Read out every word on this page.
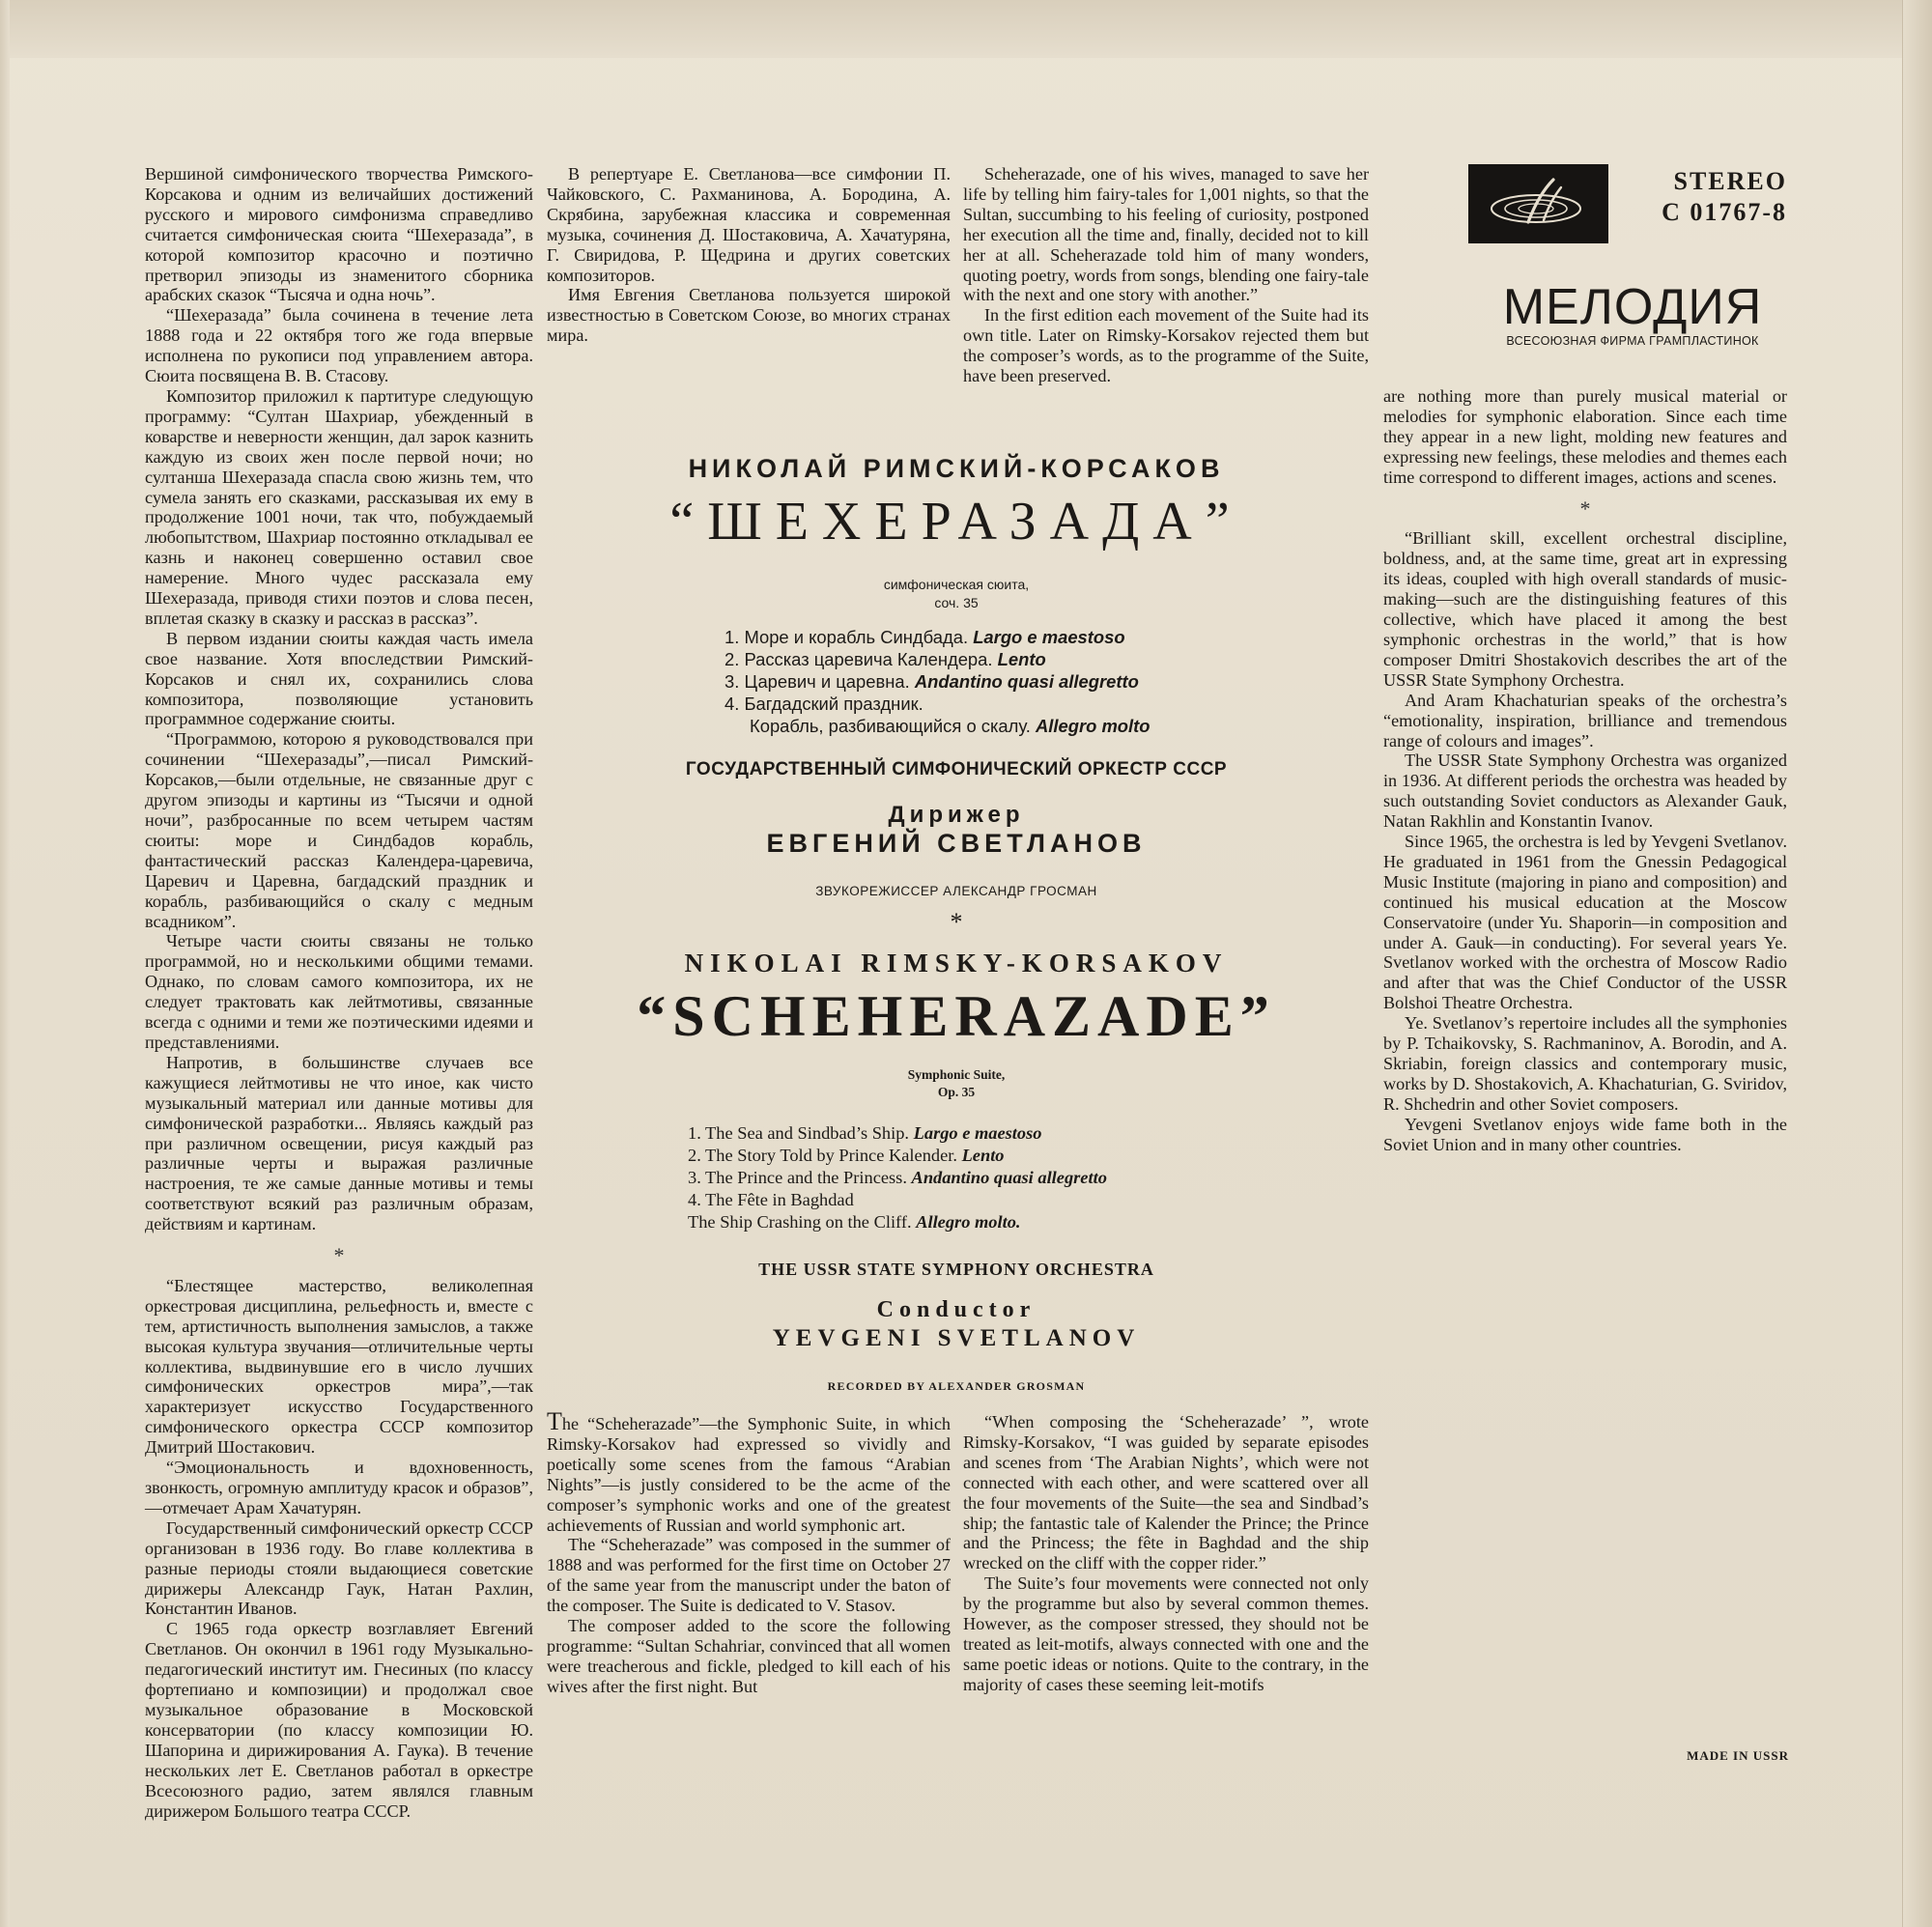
Вершиной симфонического творчества Римского-Корсакова и одним из величайших достижений русского и мирового симфонизма справедливо считается симфоническая сюита “Шехеразада”, в которой композитор красочно и поэтично претворил эпизоды из знаменитого сборника арабских сказок “Тысяча и одна ночь”.

“Шехеразада” была сочинена в течение лета 1888 года и 22 октября того же года впервые исполнена по рукописи под управлением автора. Сюита посвящена В. В. Стасову.

Композитор приложил к партитуре следующую программу: “Султан Шахриар, убежденный в коварстве и неверности женщин, дал зарок казнить каждую из своих жен после первой ночи; но султанша Шехеразада спасла свою жизнь тем, что сумела занять его сказками, рассказывая их ему в продолжение 1001 ночи, так что, побуждаемый любопытством, Шахриар постоянно откладывал ее казнь и наконец совершенно оставил свое намерение. Много чудес рассказала ему Шехеразада, приводя стихи поэтов и слова песен, вплетая сказку в сказку и рассказ в рассказ”.

В первом издании сюиты каждая часть имела свое название. Хотя впоследствии Римский-Корсаков и снял их, сохранились слова композитора, позволяющие установить программное содержание сюиты.

“Программою, которою я руководствовался при сочинении “Шехеразады”,—писал Римский-Корсаков,—были отдельные, не связанные друг с другом эпизоды и картины из “Тысячи и одной ночи”, разбросанные по всем четырем частям сюиты: море и Синдбадов корабль, фантастический рассказ Календера-царевича, Царевич и Царевна, багдадский праздник и корабль, разбивающийся о скалу с медным всадником”.

Четыре части сюиты связаны не только программой, но и несколькими общими темами. Однако, по словам самого композитора, их не следует трактовать как лейтмотивы, связанные всегда с одними и теми же поэтическими идеями и представлениями.

Напротив, в большинстве случаев все кажущиеся лейтмотивы не что иное, как чисто музыкальный материал или данные мотивы для симфонической разработки... Являясь каждый раз при различном освещении, рисуя каждый раз различные черты и выражая различные настроения, те же самые данные мотивы и темы соответствуют всякий раз различным образам, действиям и картинам.

*

“Блестящее мастерство, великолепная оркестровая дисциплина, рельефность и, вместе с тем, артистичность выполнения замыслов, а также высокая культура звучания—отличительные черты коллектива, выдвинувшие его в число лучших симфонических оркестров мира”,—так характеризует искусство Государственного симфонического оркестра СССР композитор Дмитрий Шостакович.

“Эмоциональность и вдохновенность, звонкость, огромную амплитуду красок и образов”,—отмечает Арам Хачатурян.

Государственный симфонический оркестр СССР организован в 1936 году. Во главе коллектива в разные периоды стояли выдающиеся советские дирижеры Александр Гаук, Натан Рахлин, Константин Иванов.

С 1965 года оркестр возглавляет Евгений Светланов. Он окончил в 1961 году Музыкально-педагогический институт им. Гнесиных (по классу фортепиано и композиции) и продолжал свое музыкальное образование в Московской консерватории (по классу композиции Ю. Шапорина и дирижирования А. Гаука). В течение нескольких лет Е. Светланов работал в оркестре Всесоюзного радио, затем являлся главным дирижером Большого театра СССР.

В репертуаре Е. Светланова—все симфонии П. Чайковского, С. Рахманинова, А. Бородина, А. Скрябина, зарубежная классика и современная музыка, сочинения Д. Шостаковича, А. Хачатуряна, Г. Свиридова, Р. Щедрина и других советских композиторов.

Имя Евгения Светланова пользуется широкой известностью в Советском Союзе, во многих странах мира.

Scheherazade, one of his wives, managed to save her life by telling him fairy-tales for 1,001 nights, so that the Sultan, succumbing to his feeling of curiosity, postponed her execution all the time and, finally, decided not to kill her at all. Scheherazade told him of many wonders, quoting poetry, words from songs, blending one fairy-tale with the next and one story with another.”

In the first edition each movement of the Suite had its own title. Later on Rimsky-Korsakov rejected them but the composer’s words, as to the programme of the Suite, have been preserved.

are nothing more than purely musical material or melodies for symphonic elaboration. Since each time they appear in a new light, molding new features and expressing new feelings, these melodies and themes each time correspond to different images, actions and scenes.

*

“Brilliant skill, excellent orchestral discipline, boldness, and, at the same time, great art in expressing its ideas, coupled with high overall standards of music-making—such are the distinguishing features of this collective, which have placed it among the best symphonic orchestras in the world,” that is how composer Dmitri Shostakovich describes the art of the USSR State Symphony Orchestra.

And Aram Khachaturian speaks of the orchestra’s “emotionality, inspiration, brilliance and tremendous range of colours and images”.

The USSR State Symphony Orchestra was organized in 1936. At different periods the orchestra was headed by such outstanding Soviet conductors as Alexander Gauk, Natan Rakhlin and Konstantin Ivanov.

Since 1965, the orchestra is led by Yevgeni Svetlanov. He graduated in 1961 from the Gnessin Pedagogical Music Institute (majoring in piano and composition) and continued his musical education at the Moscow Conservatoire (under Yu. Shaporin—in composition and under A. Gauk—in conducting). For several years Ye. Svetlanov worked with the orchestra of Moscow Radio and after that was the Chief Conductor of the USSR Bolshoi Theatre Orchestra.

Ye. Svetlanov’s repertoire includes all the symphonies by P. Tchaikovsky, S. Rachmaninov, A. Borodin, and A. Skriabin, foreign classics and contemporary music, works by D. Shostakovich, A. Khachaturian, G. Sviridov, R. Shchedrin and other Soviet composers.

Yevgeni Svetlanov enjoys wide fame both in the Soviet Union and in many other countries.

The “Scheherazade”—the Symphonic Suite, in which Rimsky-Korsakov had expressed so vividly and poetically some scenes from the famous “Arabian Nights”—is justly considered to be the acme of the composer’s symphonic works and one of the greatest achievements of Russian and world symphonic art.

The “Scheherazade” was composed in the summer of 1888 and was performed for the first time on October 27 of the same year from the manuscript under the baton of the composer. The Suite is dedicated to V. Stasov.

The composer added to the score the following programme: “Sultan Schahriar, convinced that all women were treacherous and fickle, pledged to kill each of his wives after the first night. But

“When composing the ‘Scheherazade’ ”, wrote Rimsky-Korsakov, “I was guided by separate episodes and scenes from ‘The Arabian Nights’, which were not connected with each other, and were scattered over all the four movements of the Suite—the sea and Sindbad’s ship; the fantastic tale of Kalender the Prince; the Prince and the Princess; the fête in Baghdad and the ship wrecked on the cliff with the copper rider.”

The Suite’s four movements were connected not only by the programme but also by several common themes. However, as the composer stressed, they should not be treated as leit-motifs, always connected with one and the same poetic ideas or notions. Quite to the contrary, in the majority of cases these seeming leit-motifs

НИКОЛАЙ РИМСКИЙ-КОРСАКОВ
“ШЕХЕРАЗАДА”
симфоническая сюита,
соч. 35
1. Море и корабль Синдбада. Largo e maestoso
2. Рассказ царевича Календера. Lento
3. Царевич и царевна. Andantino quasi allegretto
4. Багдадский праздник.
Корабль, разбивающийся о скалу. Allegro molto
ГОСУДАРСТВЕННЫЙ СИМФОНИЧЕСКИЙ ОРКЕСТР СССР
Дирижер
ЕВГЕНИЙ СВЕТЛАНОВ
ЗВУКОРЕЖИССЕР АЛЕКСАНДР ГРОСМАН
*
NIKOLAI RIMSKY-KORSAKOV
“SCHEHERAZADE”
Symphonic Suite,
Op. 35
1. The Sea and Sindbad’s Ship. Largo e maestoso
2. The Story Told by Prince Kalender. Lento
3. The Prince and the Princess. Andantino quasi allegretto
4. The Fête in Baghdad
The Ship Crashing on the Cliff. Allegro molto.
THE USSR STATE SYMPHONY ORCHESTRA
Conductor
YEVGENI SVETLANOV
RECORDED BY ALEXANDER GROSMAN
STEREO
С 01767-8
МЕЛОДИЯ
ВСЕСОЮЗНАЯ ФИРМА ГРАМПЛАСТИНОК
MADE IN USSR
